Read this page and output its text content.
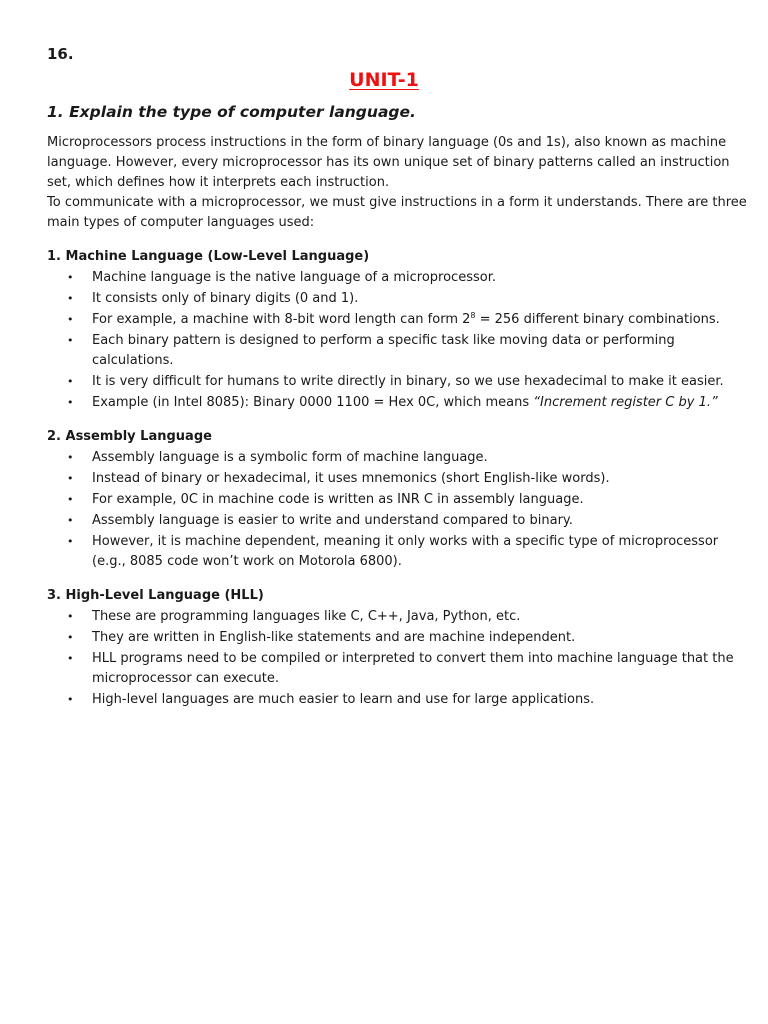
16.
UNIT-1
1. Explain the type of computer language.

Microprocessors process instructions in the form of binary language (0s and 1s), also known as machine

language. However, every microprocessor has its own unique set of binary patterns called an instruction

set, which defines how it interprets each instruction.

To communicate with a microprocessor, we must give instructions in a form it understands. There are three

main types of computer languages used:

1. Machine Language (Low-Level Language)
• Machine language is the native language of a microprocessor.
• It consists only of binary digits (0 and 1).
• For example, a machine with 8-bit word length can form $2^8 = 256$ different binary combinations.
• Each binary pattern is designed to perform a specific task like moving data or performing
calculations.
• It is very difficult for humans to write directly in binary, so we use hexadecimal to make it easier.
• Example (in Intel 8085): Binary 0000 1100 = Hex 0C, which means “Increment register C by 1.”
2. Assembly Language
• Assembly language is a symbolic form of machine language.
• Instead of binary or hexadecimal, it uses mnemonics (short English-like words).
• For example, 0C in machine code is written as INR C in assembly language.
• Assembly language is easier to write and understand compared to binary.
• However, it is machine dependent, meaning it only works with a specific type of microprocessor
(e.g., 8085 code won’t work on Motorola 6800).
3. High-Level Language (HLL)
• These are programming languages like C, C++, Java, Python, etc.
• They are written in English-like statements and are machine independent.
• HLL programs need to be compiled or interpreted to convert them into machine language that the
microprocessor can execute.
• High-level languages are much easier to learn and use for large applications.
